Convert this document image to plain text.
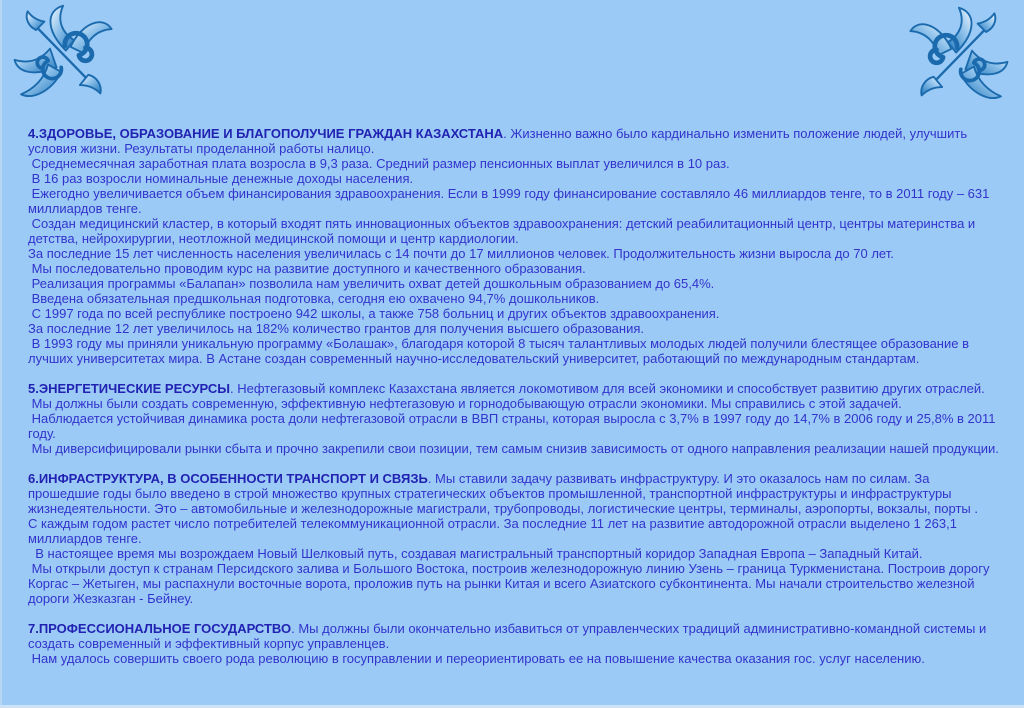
4.ЗДОРОВЬЕ, ОБРАЗОВАНИЕ И БЛАГОПОЛУЧИЕ ГРАЖДАН КАЗАХСТАНА. Жизненно важно было кардинально изменить положение людей, улучшить условия жизни. Результаты проделанной работы налицо.

Среднемесячная заработная плата возросла в 9,3 раза. Средний размер пенсионных выплат увеличился в 10 раз.

В 16 раз возросли номинальные денежные доходы населения.

Ежегодно увеличивается объем финансирования здравоохранения. Если в 1999 году финансирование составляло 46 миллиардов тенге, то в 2011 году – 631 миллиардов тенге.

Создан медицинский кластер, в который входят пять инновационных объектов здравоохранения: детский реабилитационный центр, центры материнства и детства, нейрохирургии, неотложной медицинской помощи и центр кардиологии.

За последние 15 лет численность населения увеличилась с 14 почти до 17 миллионов человек. Продолжительность жизни выросла до 70 лет.

Мы последовательно проводим курс на развитие доступного и качественного образования.

Реализация программы «Балапан» позволила нам увеличить охват детей дошкольным образованием до 65,4%.

Введена обязательная предшкольная подготовка, сегодня ею охвачено 94,7% дошкольников.

С 1997 года по всей республике построено 942 школы, а также 758 больниц и других объектов здравоохранения.

За последние 12 лет увеличилось на 182% количество грантов для получения высшего образования.

В 1993 году мы приняли уникальную программу «Болашак», благодаря которой 8 тысяч талантливых молодых людей получили блестящее образование в лучших университетах мира. В Астане создан современный научно-исследовательский университет, работающий по международным стандартам.

5.ЭНЕРГЕТИЧЕСКИЕ РЕСУРСЫ. Нефтегазовый комплекс Казахстана является локомотивом для всей экономики и способствует развитию других отраслей.

Мы должны были создать современную, эффективную нефтегазовую и горнодобывающую отрасли экономики. Мы справились с этой задачей.

Наблюдается устойчивая динамика роста доли нефтегазовой отрасли в ВВП страны, которая выросла с 3,7% в 1997 году до 14,7% в 2006 году и 25,8% в 2011 году.

Мы диверсифицировали рынки сбыта и прочно закрепили свои позиции, тем самым снизив зависимость от одного направления реализации нашей продукции.

6.ИНФРАСТРУКТУРА, В ОСОБЕННОСТИ ТРАНСПОРТ И СВЯЗЬ. Мы ставили задачу развивать инфраструктуру. И это оказалось нам по силам. За прошедшие годы было введено в строй множество крупных стратегических объектов промышленной, транспортной инфраструктуры и инфраструктуры жизнедеятельности. Это – автомобильные и железнодорожные магистрали, трубопроводы, логистические центры, терминалы, аэропорты, вокзалы, порты .

С каждым годом растет число потребителей телекоммуникационной отрасли. За последние 11 лет на развитие автодорожной отрасли выделено 1 263,1 миллиардов тенге.

В настоящее время мы возрождаем Новый Шелковый путь, создавая магистральный транспортный коридор Западная Европа – Западный Китай.

Мы открыли доступ к странам Персидского залива и Большого Востока, построив железнодорожную линию Узень – граница Туркменистана. Построив дорогу Коргас – Жетыген, мы распахнули восточные ворота, проложив путь на рынки Китая и всего Азиатского субконтинента. Мы начали строительство железной дороги Жезказган - Бейнеу.

7.ПРОФЕССИОНАЛЬНОЕ ГОСУДАРСТВО. Мы должны были окончательно избавиться от управленческих традиций административно-командной системы и создать современный и эффективный корпус управленцев.

Нам удалось совершить своего рода революцию в госуправлении и переориентировать ее на повышение качества оказания гос. услуг населению.
